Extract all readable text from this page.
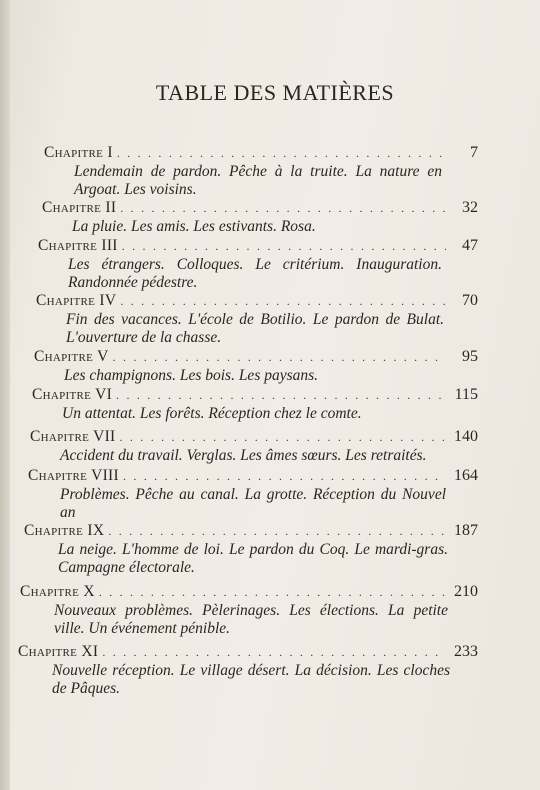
TABLE DES MATIÈRES
Chapitre I . . .	7
Lendemain de pardon. Pêche à la truite. La nature en Argoat. Les voisins.
Chapitre II . . .	32
La pluie. Les amis. Les estivants. Rosa.
Chapitre III . . .	47
Les étrangers. Colloques. Le critérium. Inauguration. Randonnée pédestre.
Chapitre IV . . .	70
Fin des vacances. L'école de Botilio. Le pardon de Bulat. L'ouverture de la chasse.
Chapitre V . . .	95
Les champignons. Les bois. Les paysans.
Chapitre VI . . .	115
Un attentat. Les forêts. Réception chez le comte.
Chapitre VII . . .	140
Accident du travail. Verglas. Les âmes sœurs. Les retraités.
Chapitre VIII . . .	164
Problèmes. Pêche au canal. La grotte. Réception du Nouvel an
Chapitre IX . . .	187
La neige. L'homme de loi. Le pardon du Coq. Le mardi-gras. Campagne électorale.
Chapitre X . . .	210
Nouveaux problèmes. Pèlerinages. Les élections. La petite ville. Un événement pénible.
Chapitre XI . . .	233
Nouvelle réception. Le village désert. La décision. Les cloches de Pâques.
